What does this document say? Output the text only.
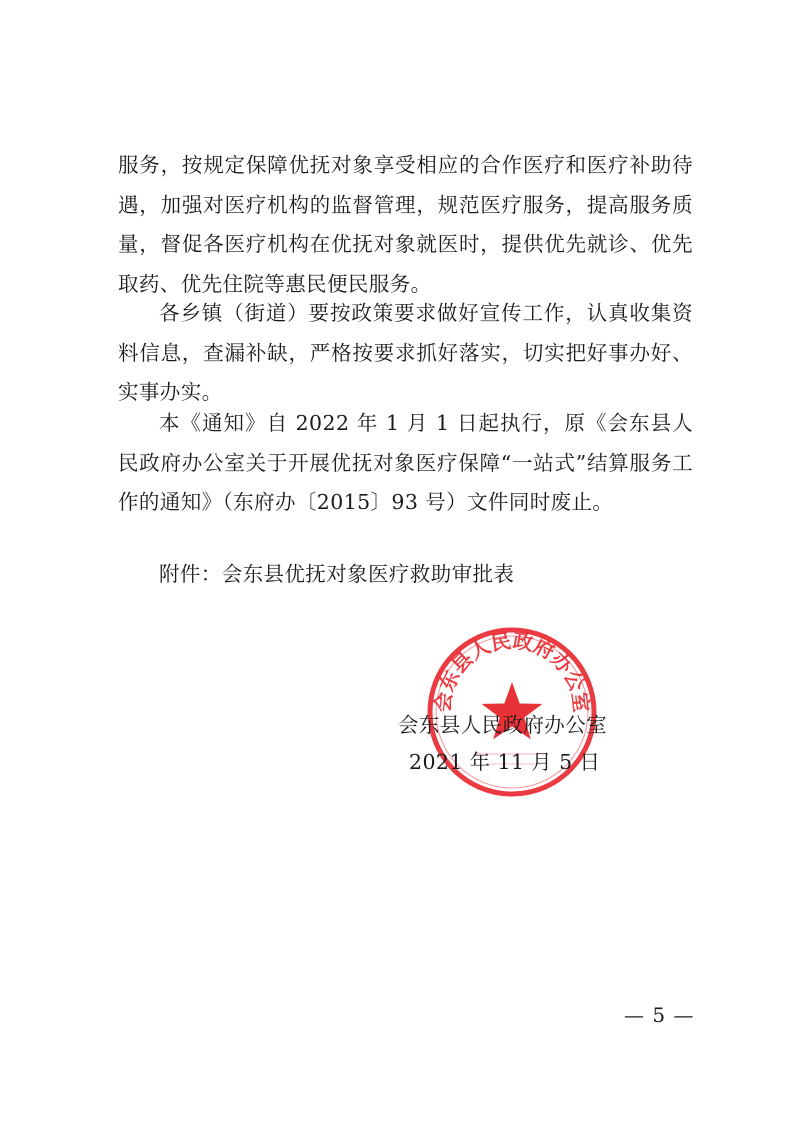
服务，按规定保障优抚对象享受相应的合作医疗和医疗补助待遇，加强对医疗机构的监督管理，规范医疗服务，提高服务质量，督促各医疗机构在优抚对象就医时，提供优先就诊、优先取药、优先住院等惠民便民服务。
各乡镇（街道）要按政策要求做好宣传工作，认真收集资料信息，查漏补缺，严格按要求抓好落实，切实把好事办好、实事办实。
本《通知》自 2022 年 1 月 1 日起执行，原《会东县人民政府办公室关于开展优抚对象医疗保障“一站式”结算服务工作的通知》（东府办〔2015〕93 号）文件同时废止。
附件：会东县优抚对象医疗救助审批表
会东县人民政府办公室
会东县人民政府办公室
2021 年 11 月 5 日
— 5 —
